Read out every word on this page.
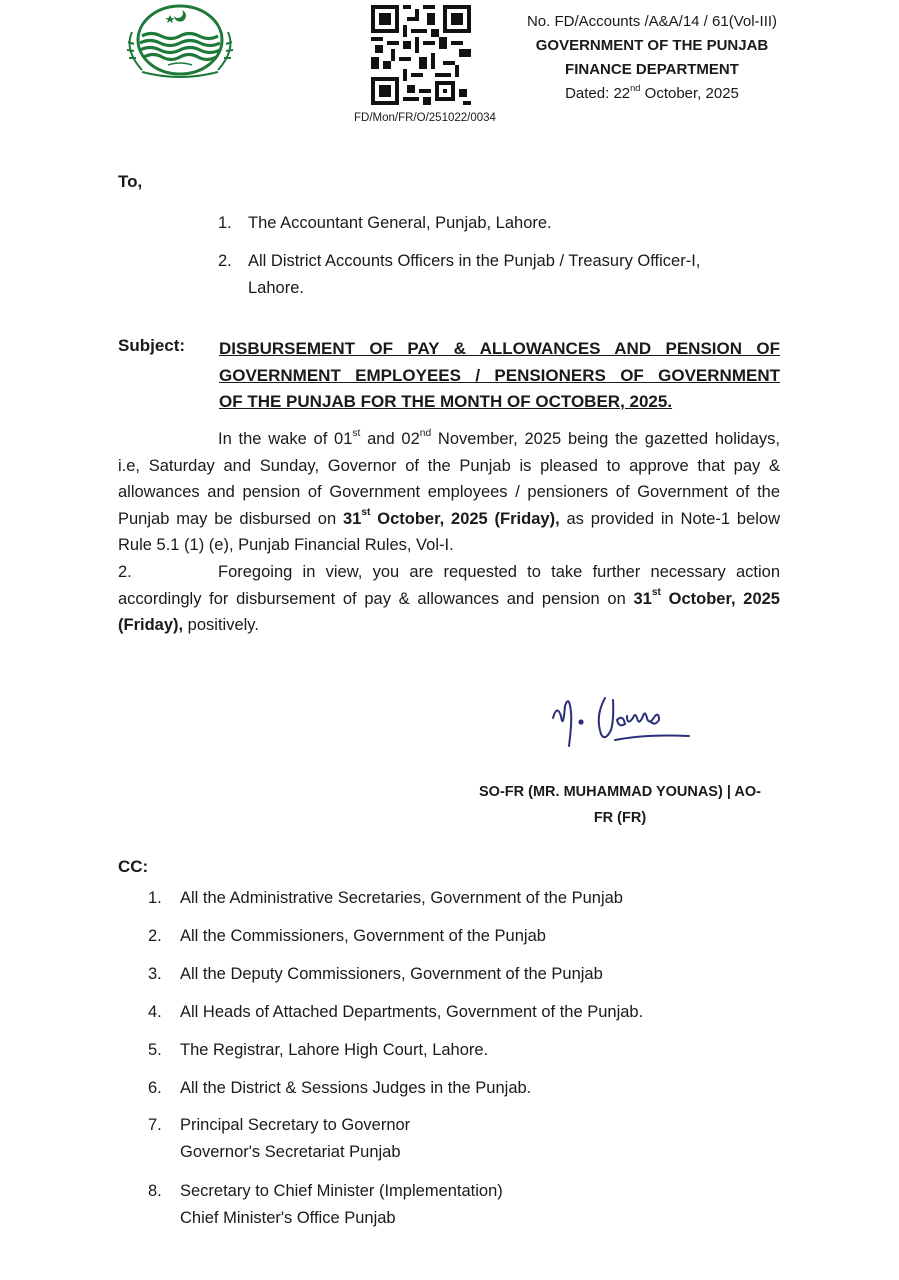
FD/Mon/FR/O/251022/0034
No. FD/Accounts /A&A/14 / 61(Vol-III)
GOVERNMENT OF THE PUNJAB
FINANCE DEPARTMENT
Dated: 22nd October, 2025
To,
1. The Accountant General, Punjab, Lahore.
2. All District Accounts Officers in the Punjab / Treasury Officer-I,
Lahore.
Subject: DISBURSEMENT OF PAY & ALLOWANCES AND PENSION OF
GOVERNMENT EMPLOYEES / PENSIONERS OF GOVERNMENT
OF THE PUNJAB FOR THE MONTH OF OCTOBER, 2025.
In the wake of 01st and 02nd November, 2025 being the gazetted holidays, i.e, Saturday and Sunday, Governor of the Punjab is pleased to approve that pay & allowances and pension of Government employees / pensioners of Government of the Punjab may be disbursed on 31st October, 2025 (Friday), as provided in Note-1 below Rule 5.1 (1) (e), Punjab Financial Rules, Vol-I.
2.	Foregoing in view, you are requested to take further necessary action accordingly for disbursement of pay & allowances and pension on 31st October, 2025 (Friday), positively.
SO-FR (MR. MUHAMMAD YOUNAS) | AO-
FR (FR)
CC:
1. All the Administrative Secretaries, Government of the Punjab
2. All the Commissioners, Government of the Punjab
3. All the Deputy Commissioners, Government of the Punjab
4. All Heads of Attached Departments, Government of the Punjab.
5. The Registrar, Lahore High Court, Lahore.
6. All the District & Sessions Judges in the Punjab.
7. Principal Secretary to Governor
Governor's Secretariat Punjab
8. Secretary to Chief Minister (Implementation)
Chief Minister's Office Punjab
